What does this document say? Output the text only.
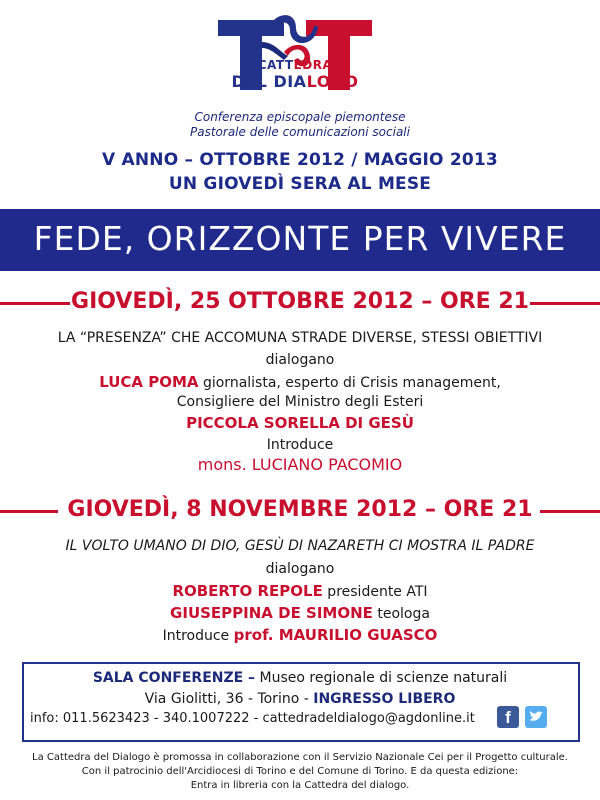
CATTEDRA
DEL DIALOGO
Conferenza episcopale piemontese
Pastorale delle comunicazioni sociali
V ANNO – OTTOBRE 2012 / MAGGIO 2013
UN GIOVEDÌ SERA AL MESE
FEDE, ORIZZONTE PER VIVERE
GIOVEDÌ, 25 OTTOBRE 2012 – ORE 21
LA “PRESENZA” CHE ACCOMUNA STRADE DIVERSE, STESSI OBIETTIVI
dialogano
LUCA POMA giornalista, esperto di Crisis management,
Consigliere del Ministro degli Esteri
PICCOLA SORELLA DI GESÙ
Introduce
mons. LUCIANO PACOMIO
GIOVEDÌ, 8 NOVEMBRE 2012 – ORE 21
IL VOLTO UMANO DI DIO, GESÙ DI NAZARETH CI MOSTRA IL PADRE
dialogano
ROBERTO REPOLE presidente ATI
GIUSEPPINA DE SIMONE teologa
Introduce prof. MAURILIO GUASCO
SALA CONFERENZE – Museo regionale di scienze naturali
Via Giolitti, 36 - Torino - INGRESSO LIBERO
info: 011.5623423 - 340.1007222 - cattedradeldialogo@agdonline.it	f
La Cattedra del Dialogo è promossa in collaborazione con il Servizio Nazionale Cei per il Progetto culturale.
Con il patrocinio dell'Arcidiocesi di Torino e del Comune di Torino. E da questa edizione:
Entra in libreria con la Cattedra del dialogo.
